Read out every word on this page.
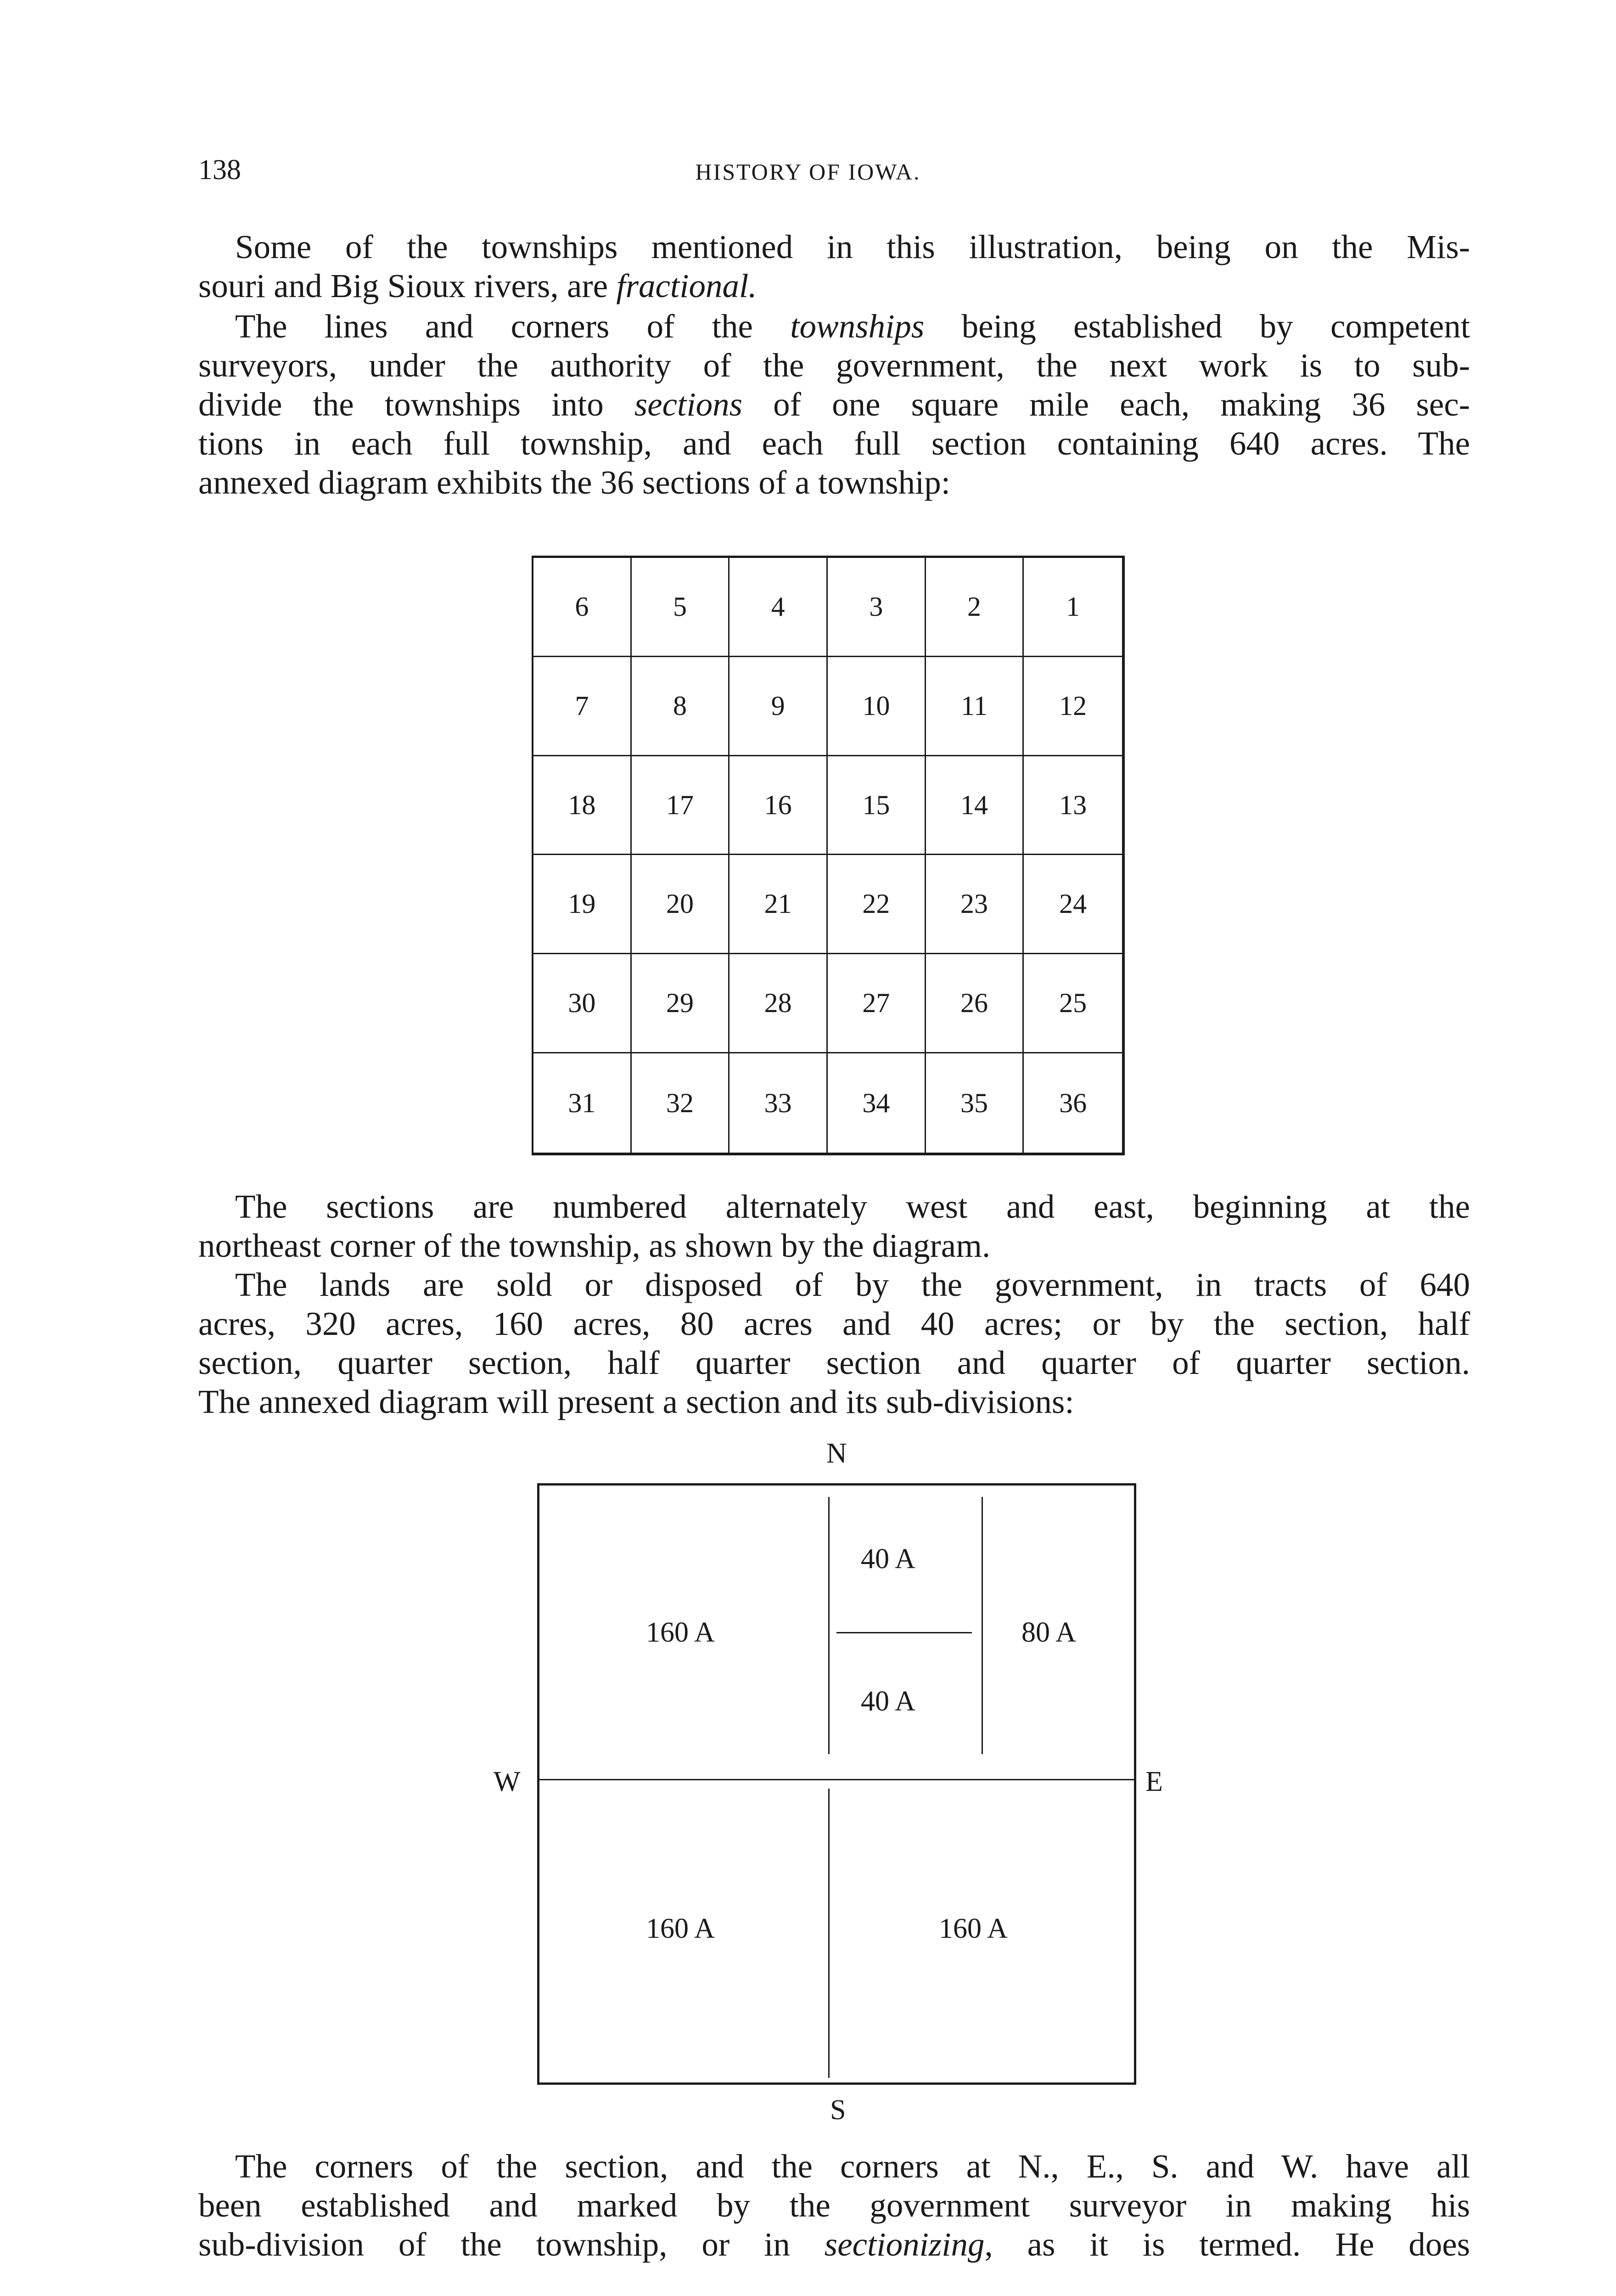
138	HISTORY OF IOWA.
Some of the townships mentioned in this illustration, being on the Mis-
souri and Big Sioux rivers, are fractional.
The lines and corners of the townships being established by competent
surveyors, under the authority of the government, the next work is to sub-
divide the townships into sections of one square mile each, making 36 sec-
tions in each full township, and each full section containing 640 acres. The
annexed diagram exhibits the 36 sections of a township:
6	5	4	3	2	1
7	8	9	10	11	12
18	17	16	15	14	13
19	20	21	22	23	24
30	29	28	27	26	25
31	32	33	34	35	36
The sections are numbered alternately west and east, beginning at the
northeast corner of the township, as shown by the diagram.
The lands are sold or disposed of by the government, in tracts of 640
acres, 320 acres, 160 acres, 80 acres and 40 acres; or by the section, half
section, quarter section, half quarter section and quarter of quarter section.
The annexed diagram will present a section and its sub-divisions:
N
W	E
S
160 A
40 A
40 A
80 A
160 A	160 A
The corners of the section, and the corners at N., E., S. and W. have all
been established and marked by the government surveyor in making his
sub-division of the township, or in sectionizing, as it is termed. He does
